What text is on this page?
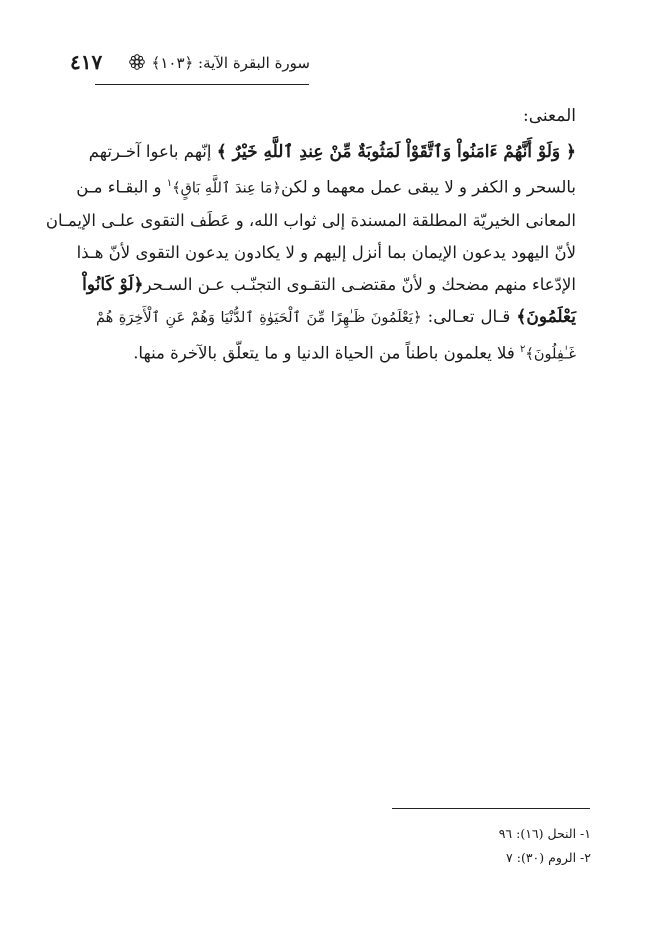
٤١٧	سورة البقرة الآية: ﴿١٠٣﴾
المعنى:
﴿ وَلَوْ أَنَّهُمْ ءَامَنُواْ وَٱتَّقَوْاْ لَمَثُوبَةٌ مِّنْ عِندِ ٱللَّهِ خَيْرٌ ﴾ إنّهم باعوا آخـرتهم
بالسحر و الكفر و لا يبقى عمل معهما و لكن﴿مَا عِندَ ٱللَّهِ بَاقٍ﴾$^١$ و البقـاء مـن
المعانى الخيريّة المطلقة المسندة إلى ثواب الله، و عَطَف التقوى علـى الإيمـان
لأنّ اليهود يدعون الإيمان بما أنزل إليهم و لا يكادون يدعون التقوى لأنّ هـذا
الإدّعاء منهم مضحك و لأنّ مقتضـى التقـوى التجنّـب عـن السـحر﴿لَوْ كَانُواْ
يَعْلَمُونَ﴾ قـال تعـالى: ﴿يَعْلَمُونَ ظَـٰهِرًا مِّنَ ٱلْحَيَوٰةِ ٱلدُّنْيَا وَهُمْ عَنِ ٱلْأَخِرَةِ هُمْ
غَـٰفِلُونَ﴾$^٢$ فلا يعلمون باطناً من الحياة الدنيا و ما يتعلّق بالآخرة منها.
١- النحل (١٦): ٩٦
٢- الروم (٣٠): ٧
